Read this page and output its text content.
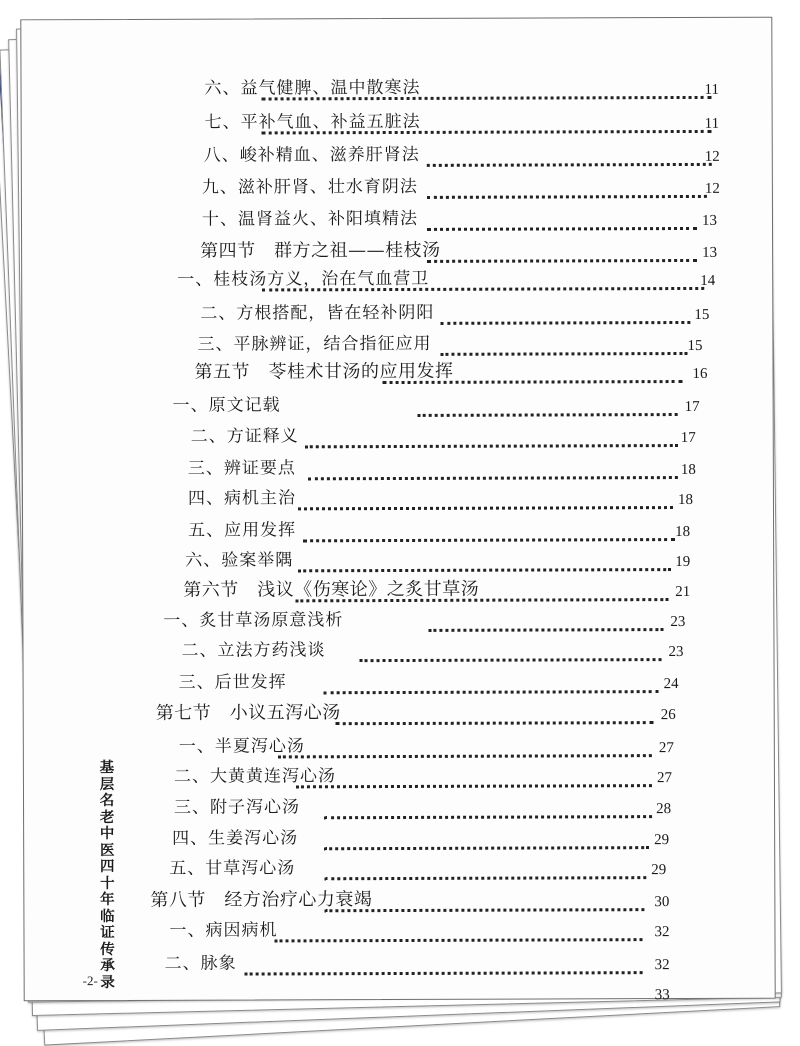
六、益气健脾、温中散寒法	11
七、平补气血、补益五脏法	11
八、峻补精血、滋养肝肾法	12
九、滋补肝肾、壮水育阴法	12
十、温肾益火、补阳填精法	13
第四节　群方之祖——桂枝汤	13
一、桂枝汤方义，治在气血营卫	14
二、方根搭配，皆在轻补阴阳	15
三、平脉辨证，结合指征应用	15
第五节　苓桂术甘汤的应用发挥	16
一、原文记载	17
二、方证释义	17
三、辨证要点	18
四、病机主治	18
五、应用发挥	18
六、验案举隅	19
第六节　浅议《伤寒论》之炙甘草汤	21
一、炙甘草汤原意浅析	23
二、立法方药浅谈	23
三、后世发挥	24
第七节　小议五泻心汤	26
一、半夏泻心汤	27
二、大黄黄连泻心汤	27
三、附子泻心汤	28
四、生姜泻心汤	29
五、甘草泻心汤	29
第八节　经方治疗心力衰竭	30
一、病因病机	32
二、脉象	32
33
基层名老中医四十年临证传承录
-2-
